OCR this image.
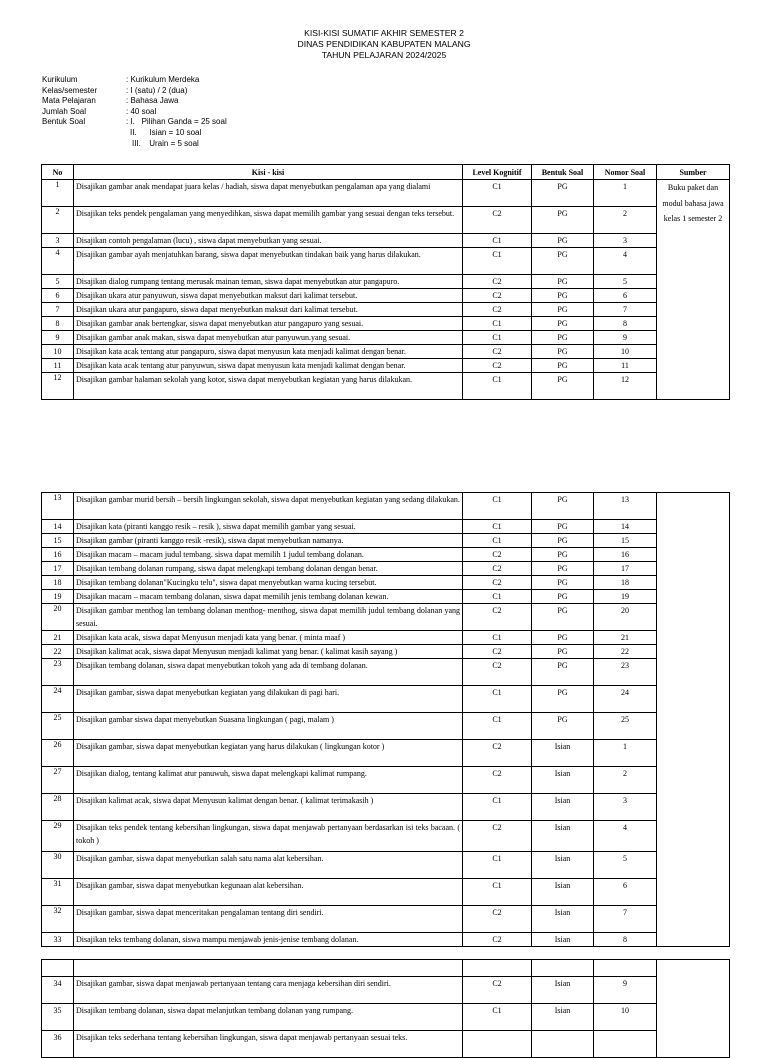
KISI-KISI SUMATIF AKHIR SEMESTER 2
DINAS PENDIDIKAN KABUPATEN MALANG
TAHUN PELAJARAN 2024/2025
Kurikulum	: Kurikulum Merdeka
Kelas/semester	: I (satu) / 2 (dua)
Mata Pelajaran	: Bahasa Jawa
Jumlah Soal	: 40 soal
Bentuk Soal	: I. Pilihan Ganda = 25 soal
II. Isian = 10 soal
III. Urain = 5 soal
No	Kisi - kisi	Level Kognitif	Bentuk Soal	Nomor Soal	Sumber
1	Disajikan gambar anak mendapat juara kelas / hadiah, siswa dapat menyebutkan pengalaman apa yang dialami	C1	PG	1	Buku paket dan modul bahasa jawa kelas 1 semester 2
2	Disajikan teks pendek pengalaman yang menyedihkan, siswa dapat memilih gambar yang sesuai dengan teks tersebut.	C2	PG	2	
3	Disajikan contoh pengalaman (lucu) , siswa dapat menyebutkan yang sesuai.	C1	PG	3	
4	Disajikan gambar ayah menjatuhkan barang, siswa dapat menyebutkan tindakan baik yang harus dilakukan.	C1	PG	4	
5	Disajikan dialog rumpang tentang merusak mainan teman, siswa dapat menyebutkan atur pangapuro.	C2	PG	5	
6	Disajikan ukara atur panyuwun, siswa dapat menyebutkan maksut dari kalimat tersebut.	C2	PG	6	
7	Disajikan ukara atur pangapuro, siswa dapat menyebutkan maksut dari kalimat tersebut.	C2	PG	7	
8	Disajikan gambar anak bertengkar, siswa dapat menyebutkan atur pangapuro yang sesuai.	C1	PG	8	
9	Disajikan gambar anak makan, siswa dapat menyebutkan atur panyuwun.yang sesuai.	C1	PG	9	
10	Disajikan kata acak tentang atur pangapuro, siswa dapat menyusun kata menjadi kalimat dengan benar.	C2	PG	10	
11	Disajikan kata acak tentang atur panyuwun, siswa dapat menyusun kata menjadi kalimat dengan benar.	C2	PG	11	
12	Disajikan gambar halaman sekolah yang kotor, siswa dapat menyebutkan kegiatan yang harus dilakukan.	C1	PG	12	
13	Disajikan gambar murid bersih – bersih lingkungan sekolah, siswa dapat menyebutkan kegiatan yang sedang dilakukan.	C1	PG	13	
14	Disajikan kata (piranti kanggo resik – resik ), siswa dapat memilih gambar yang sesuai.	C1	PG	14	
15	Disajikan gambar (piranti kanggo resik -resik), siswa dapat menyebutkan namanya.	C1	PG	15	
16	Disajikan macam – macam judul tembang. siswa dapat memilih 1 judul tembang dolanan.	C2	PG	16	
17	Disajikan tembang dolanan rumpang, siswa dapat melengkapi tembang dolanan dengan benar.	C2	PG	17	
18	Disajikan tembang dolanan"Kucingku telu", siswa dapat menyebutkan warna kucing tersebut.	C2	PG	18	
19	Disajikan macam – macam tembang dolanan, siswa dapat memilih jenis tembang dolanan kewan.	C1	PG	19	
20	Disajikan gambar menthog lan tembang dolanan menthog- menthog, siswa dapat memilih judul tembang dolanan yang sesuai.	C2	PG	20	
21	Disajikan kata acak, siswa dapat Menyusun menjadi kata yang benar. ( minta maaf )	C1	PG	21	
22	Disajikan kalimat acak, siswa dapat Menyusun menjadi kalimat yang benar. ( kalimat kasih sayang )	C2	PG	22	
23	Disajikan tembang dolanan, siswa dapat menyebutkan tokoh yang ada di tembang dolanan.	C2	PG	23	
24	Disajikan gambar, siswa dapat menyebutkan kegiatan yang dilakukan di pagi hari.	C1	PG	24	
25	Disajikan gambar siswa dapat menyebutkan Suasana lingkungan ( pagi, malam )	C1	PG	25	
26	Disajikan gambar, siswa dapat menyebutkan kegiatan yang harus dilakukan ( lingkungan kotor )	C2	Isian	1	
27	Disajikan dialog, tentang kalimat atur panuwuh, siswa dapat melengkapi kalimat rumpang.	C2	Isian	2	
28	Disajikan kalimat acak, siswa dapat Menyusun kalimat dengan benar. ( kalimat terimakasih )	C1	Isian	3	
29	Disajikan teks pendek tentang kebersihan lingkungan, siswa dapat menjawab pertanyaan berdasarkan isi teks bacaan. ( tokoh )	C2	Isian	4	
30	Disajikan gambar, siswa dapat menyebutkan salah satu nama alat kebersihan.	C1	Isian	5	
31	Disajikan gambar, siswa dapat menyebutkan kegunaan alat kebersihan.	C1	Isian	6	
32	Disajikan gambar, siswa dapat menceritakan pengalaman tentang diri sendiri.	C2	Isian	7	
33	Disajikan teks tembang dolanan, siswa mampu menjawab jenis-jenise tembang dolanan.	C2	Isian	8	

34	Disajikan gambar, siswa dapat menjawab pertanyaan tentang cara menjaga kebersihan diri sendiri.	C2	Isian	9	
35	Disajikan tembang dolanan, siswa dapat melanjutkan tembang dolanan yang rumpang.	C1	Isian	10	
36	Disajikan teks sederhana tentang kebersihan lingkungan, siswa dapat menjawab pertanyaan sesuai teks.				
